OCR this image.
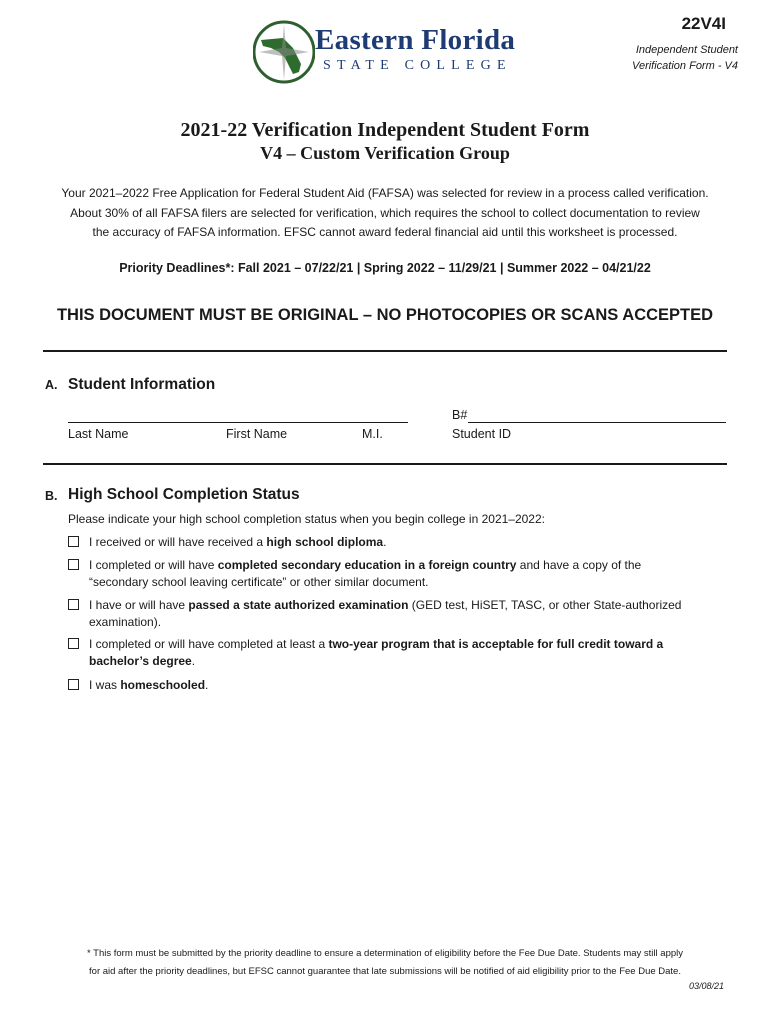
Eastern Florida
STATE COLLEGE
22V4I
Independent Student
Verification Form - V4
2021-22 Verification Independent Student Form
V4 – Custom Verification Group
Your 2021–2022 Free Application for Federal Student Aid (FAFSA) was selected for review in a process called verification.
About 30% of all FAFSA filers are selected for verification, which requires the school to collect documentation to review
the accuracy of FAFSA information. EFSC cannot award federal financial aid until this worksheet is processed.
Priority Deadlines*: Fall 2021 – 07/22/21 | Spring 2022 – 11/29/21 | Summer 2022 – 04/21/22
THIS DOCUMENT MUST BE ORIGINAL – NO PHOTOCOPIES OR SCANS ACCEPTED
A. Student Information
Last Name	First Name	M.I.
B#
Student ID
B. High School Completion Status
Please indicate your high school completion status when you begin college in 2021–2022:
I received or will have received a high school diploma.
I completed or will have completed secondary education in a foreign country and have a copy of the “secondary school leaving certificate” or other similar document.
I have or will have passed a state authorized examination (GED test, HiSET, TASC, or other State-authorized examination).
I completed or will have completed at least a two-year program that is acceptable for full credit toward a bachelor’s degree.
I was homeschooled.
* This form must be submitted by the priority deadline to ensure a determination of eligibility before the Fee Due Date. Students may still apply
for aid after the priority deadlines, but EFSC cannot guarantee that late submissions will be notified of aid eligibility prior to the Fee Due Date.
03/08/21
